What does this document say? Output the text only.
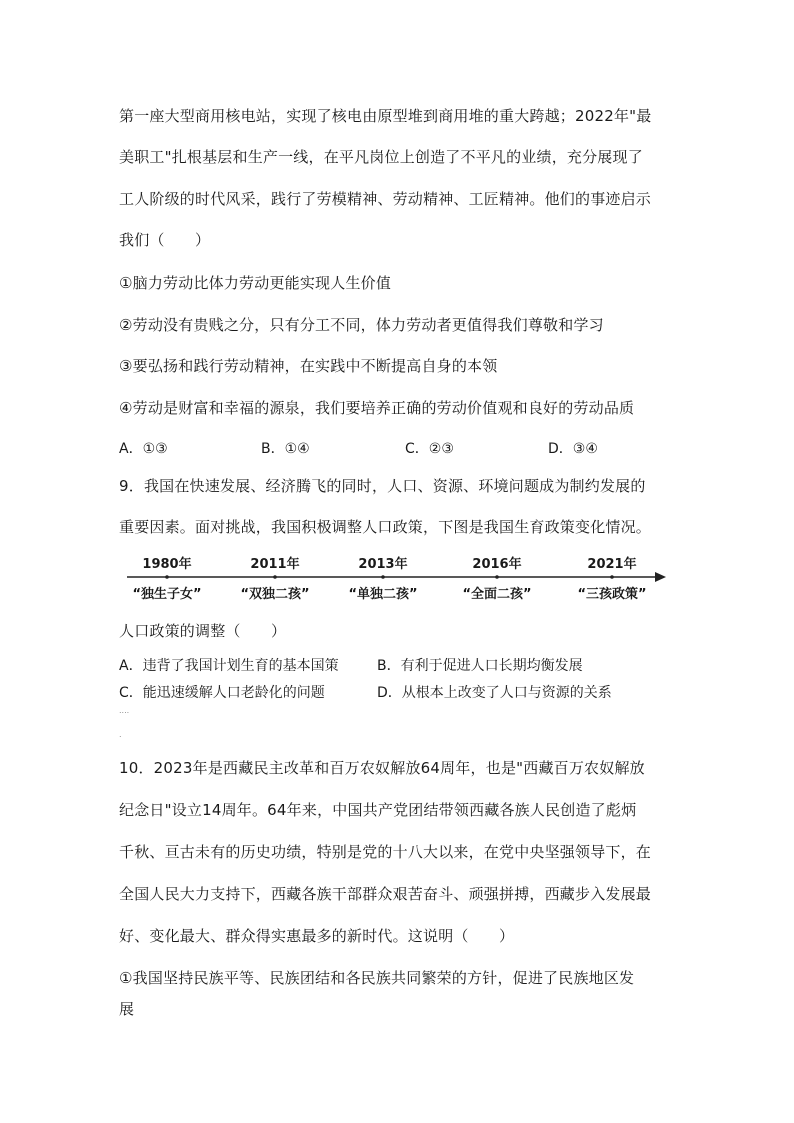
第一座大型商用核电站，实现了核电由原型堆到商用堆的重大跨越；2022年"最
美职工"扎根基层和生产一线，在平凡岗位上创造了不平凡的业绩，充分展现了
工人阶级的时代风采，践行了劳模精神、劳动精神、工匠精神。他们的事迹启示
我们（　　）
①脑力劳动比体力劳动更能实现人生价值
②劳动没有贵贱之分，只有分工不同，体力劳动者更值得我们尊敬和学习
③要弘扬和践行劳动精神，在实践中不断提高自身的本领
④劳动是财富和幸福的源泉，我们要培养正确的劳动价值观和良好的劳动品质
A．①③	B．①④	C．②③	D．③④
9．我国在快速发展、经济腾飞的同时，人口、资源、环境问题成为制约发展的
重要因素。面对挑战，我国积极调整人口政策，下图是我国生育政策变化情况。
1980年	2011年	2013年	2016年	2021年
“独生子女”	“双独二孩”	“单独二孩”	“全面二孩”	“三孩政策”
人口政策的调整（　　）
A．违背了我国计划生育的基本国策	B．有利于促进人口长期均衡发展
C．能迅速缓解人口老龄化的问题	D．从根本上改变了人口与资源的关系
....
.
10．2023年是西藏民主改革和百万农奴解放64周年，也是"西藏百万农奴解放
纪念日"设立14周年。64年来，中国共产党团结带领西藏各族人民创造了彪炳
千秋、亘古未有的历史功绩，特别是党的十八大以来，在党中央坚强领导下，在
全国人民大力支持下，西藏各族干部群众艰苦奋斗、顽强拼搏，西藏步入发展最
好、变化最大、群众得实惠最多的新时代。这说明（　　）
①我国坚持民族平等、民族团结和各民族共同繁荣的方针，促进了民族地区发
展
